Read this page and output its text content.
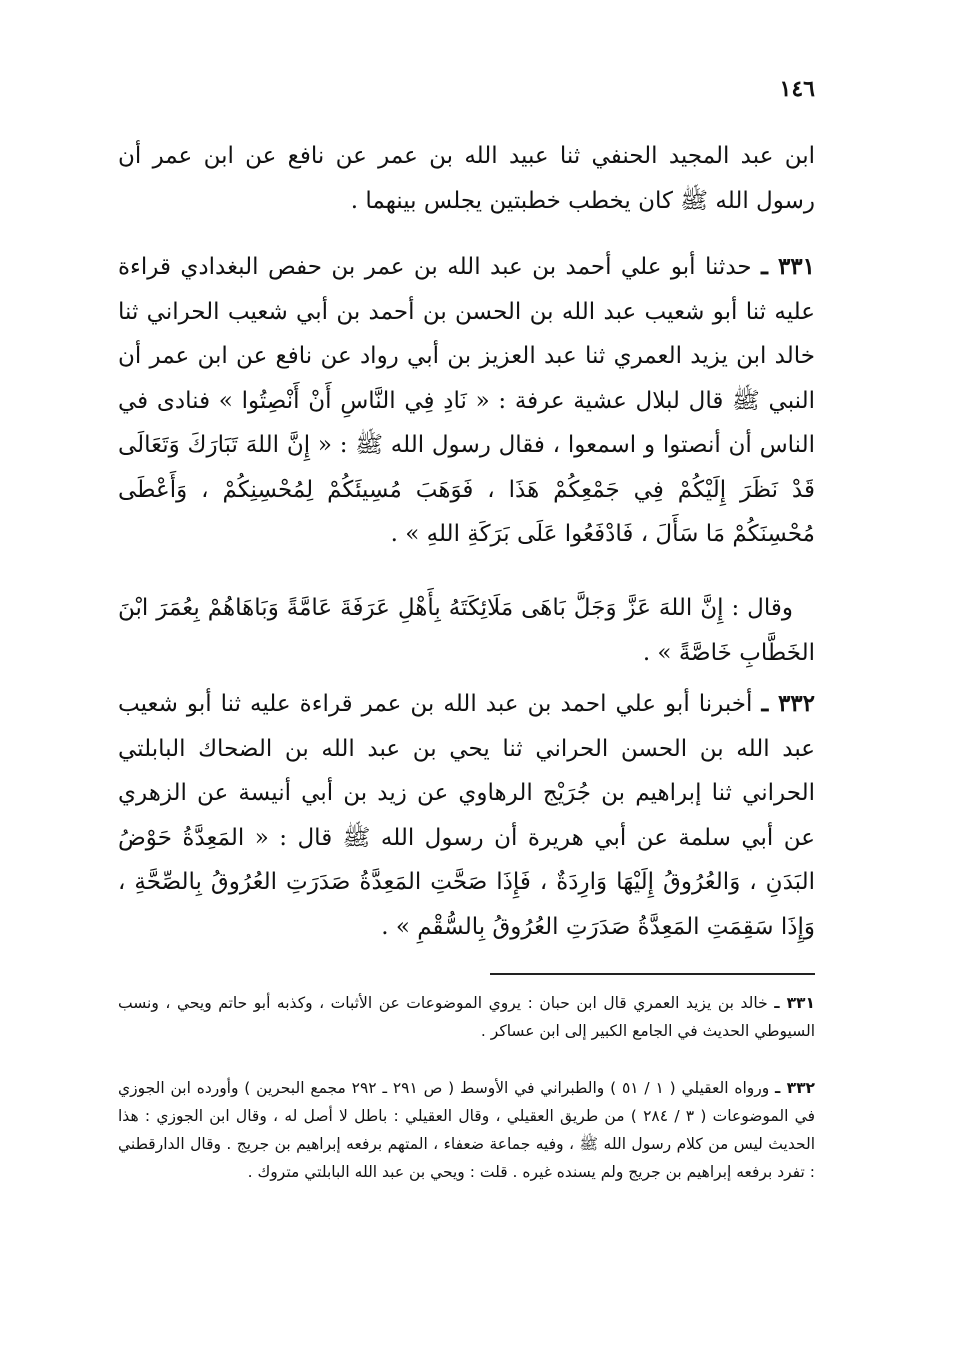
١٤٦

ابن عبد المجيد الحنفي ثنا عبيد الله بن عمر عن نافع عن ابن عمر أن رسول الله ﷺ كان يخطب خطبتين يجلس بينهما .

٣٣١ ـ حدثنا أبو علي أحمد بن عبد الله بن عمر بن حفص البغدادي قراءة عليه ثنا أبو شعيب عبد الله بن الحسن بن أحمد بن أبي شعيب الحراني ثنا خالد ابن يزيد العمري ثنا عبد العزيز بن أبي رواد عن نافع عن ابن عمر أن النبي ﷺ قال لبلال عشية عرفة : « نَادِ فِي النَّاسِ أَنْ أَنْصِتُوا » فنادى في الناس أن أنصتوا و اسمعوا ، فقال رسول الله ﷺ : « إِنَّ اللهَ تَبَارَكَ وَتَعَالَى قَدْ نَظَرَ إِلَيْكُمْ فِي جَمْعِكُمْ هَذَا ، فَوَهَبَ مُسِيئَكُمْ لِمُحْسِنِكُمْ ، وَأَعْطَى مُحْسِنَكُمْ مَا سَأَلَ ، فَادْفَعُوا عَلَى بَرَكَةِ اللهِ » .

وقال : إِنَّ اللهَ عَزَّ وَجَلَّ بَاهَى مَلَائِكَتَهُ بِأَهْلِ عَرَفَةَ عَامَّةً وَبَاهَاهُمْ بِعُمَرَ ابْنَ الخَطَّابِ خَاصَّةً » .

٣٣٢ ـ أخبرنا أبو علي احمد بن عبد الله بن عمر قراءة عليه ثنا أبو شعيب عبد الله بن الحسن الحراني ثنا يحي بن عبد الله بن الضحاك البابلتي الحراني ثنا إبراهيم بن جُرَيْج الرهاوي عن زيد بن أبي أنيسة عن الزهري عن أبي سلمة عن أبي هريرة أن رسول الله ﷺ قال : « المَعِدَّةُ حَوْضُ البَدَنِ ، وَالعُرُوقُ إِلَيْهَا وَارِدَةٌ ، فَإِذَا صَحَّتِ المَعِدَّةُ صَدَرَتِ العُرُوقُ بِالصِّحَّةِ ، وَإِذَا سَقِمَتِ المَعِدَّةُ صَدَرَتِ العُرُوقُ بِالسُّقْمِ » .

٣٣١ ـ خالد بن يزيد العمري قال ابن حبان : يروي الموضوعات عن الأثبات ، وكذبه أبو حاتم ويحي ، ونسب السيوطي الحديث في الجامع الكبير إلى ابن عساكر .

٣٣٢ ـ ورواه العقيلي ( ١ / ٥١ ) والطبراني في الأوسط ( ص ٢٩١ ـ ٢٩٢ مجمع البحرين ) وأورده ابن الجوزي في الموضوعات ( ٣ / ٢٨٤ ) من طريق العقيلي ، وقال العقيلي : باطل لا أصل له ، وقال ابن الجوزي : هذا الحديث ليس من كلام رسول الله ﷺ ، وفيه جماعة ضعفاء ، المتهم برفعه إبراهيم بن جريج . وقال الدارقطني : تفرد برفعه إبراهيم بن جريج ولم يسنده غيره . قلت : ويحي بن عبد الله البابلتي متروك .
